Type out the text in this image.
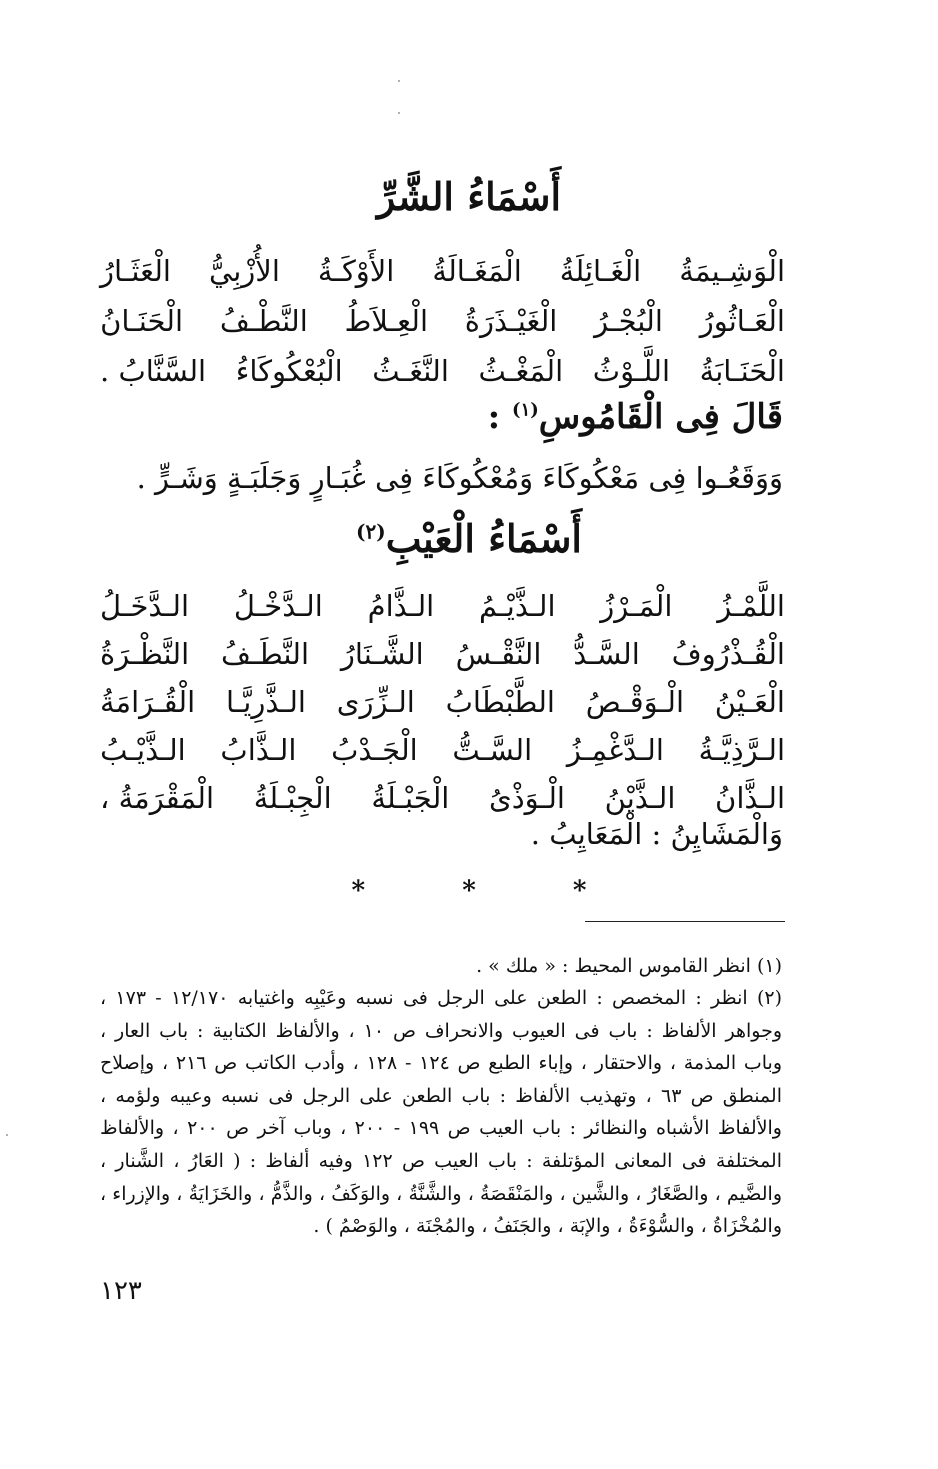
أَسْمَاءُ الشَّرِّ
الْوَشِـيمَةُ
الْغَـائِلَةُ
الْمَغَـالَةُ
الأَوْكَـةُ
الأُزْبِيُّ
الْعَثَـارُ
الْعَـاثُورُ
الْبُجْـرُ
الْغَيْـذَرَةُ
الْعِـلاَطُ
النَّطْـفُ
الْحَنَـانُ
الْحَنَـابَةُ
اللَّـوْثُ
الْمَغْـثُ
النَّغَـثُ
الْبُعْكُوكَاءُ
السَّنَّابُ .
قَالَ فِى الْقَامُوسِ$^{(١)}$ :
وَوَقَعُـوا فِى مَعْكُوكَاءَ وَمُعْكُوكَاءَ فِى غُبَـارٍ وَجَلَبَـةٍ وَشَـرٍّ .
أَسْمَاءُ الْعَيْبِ$^{(٢)}$
اللَّمْـزُ
الْمَـرْزُ
الـذَّيْـمُ
الـذَّامُ
الـدَّخْـلُ
الـدَّخَـلُ
الْقُـذْرُوفُ
السَّـدُّ
النَّقْـسُ
الشَّـنَارُ
النَّطَـفُ
النَّظْـرَةُ
الْعَـيْنُ
الْـوَقْـصُ
الطَّبْطَابُ
الـزِّرَى
الـذَّرِيَّـا
الْقُـرَامَةُ
الـرَّذِيَّـةُ
الـدَّغْمِـزُ
السَّـتُّ
الْجَـدْبُ
الـذَّابُ
الـذَّيْـبُ
الـذَّانُ
الـذَّيْنُ
الْـوَذْىُ
الْجَبْـلَةُ
الْجِبْـلَةُ
الْمَقْرَمَةُ ،
وَالْمَشَايِنُ : الْمَعَايِبُ .
* * *
(١) انظر القاموس المحيط : « ملك » .
(٢) انظر : المخصص : الطعن على الرجل فى نسبه وعَيْبِه واغتيابه ١٢/١٧٠ - ١٧٣ ، وجواهر الألفاظ : باب فى العيوب والانحراف ص ١٠ ، والألفاظ الكتابية : باب العار ، وباب المذمة ، والاحتقار ، وإباء الطبع ص ١٢٤ - ١٢٨ ، وأدب الكاتب ص ٢١٦ ، وإصلاح المنطق ص ٦٣ ، وتهذيب الألفاظ : باب الطعن على الرجل فى نسبه وعيبه ولؤمه ، والألفاظ الأشباه والنظائر : باب العيب ص ١٩٩ - ٢٠٠ ، وباب آخر ص ٢٠٠ ، والألفاظ المختلفة فى المعانى المؤتلفة : باب العيب ص ١٢٢ وفيه ألفاظ : ( العَارُ ، الشَّنار ، والضَّيم ، والصَّغَارُ ، والشَّين ، والمَنْقَصَةُ ، والشَّنَّةُ ، والوَكَفُ ، والذَّمُّ ، والخَزَايَةُ ، والإزراء ، والمُخْزَاةُ ، والسُّوْءَةُ ، والإبَة ، والجَنَفُ ، والمُجْنَة ، والوَصْمُ ) .
١٢٣
